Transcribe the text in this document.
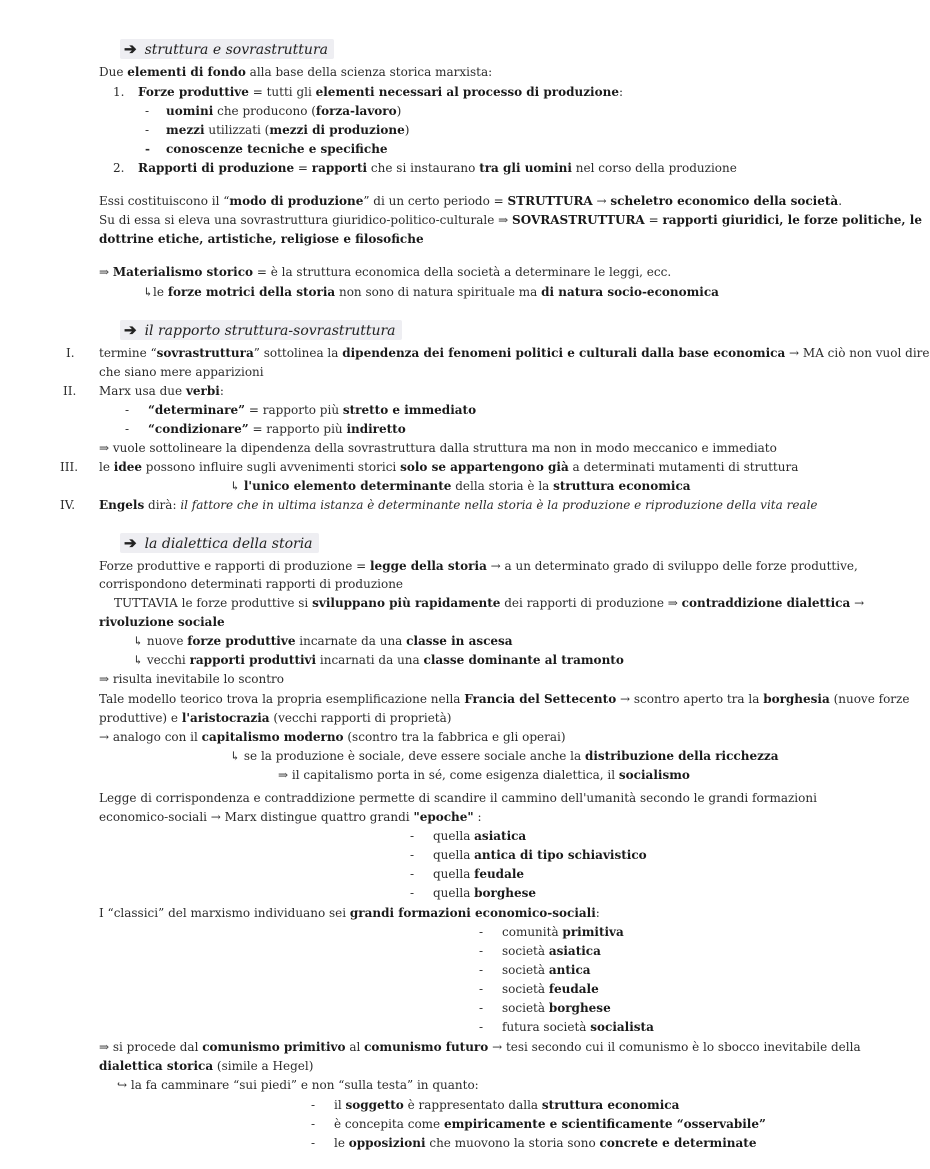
➔ struttura e sovrastruttura
Due elementi di fondo alla base della scienza storica marxista:
1. Forze produttive = tutti gli elementi necessari al processo di produzione:
- uomini che producono (forza-lavoro)
- mezzi utilizzati (mezzi di produzione)
- conoscenze tecniche e specifiche
2. Rapporti di produzione = rapporti che si instaurano tra gli uomini nel corso della produzione
Essi costituiscono il “modo di produzione” di un certo periodo = STRUTTURA → scheletro economico della società.
Su di essa si eleva una sovrastruttura giuridico-politico-culturale ⇒ SOVRASTRUTTURA = rapporti giuridici, le forze politiche, le
dottrine etiche, artistiche, religiose e filosofiche
⇒ Materialismo storico = è la struttura economica della società a determinare le leggi, ecc.
↳le forze motrici della storia non sono di natura spirituale ma di natura socio-economica
➔ il rapporto struttura-sovrastruttura
I. termine “sovrastruttura” sottolinea la dipendenza dei fenomeni politici e culturali dalla base economica → MA ciò non vuol dire
che siano mere apparizioni
II. Marx usa due verbi:
- “determinare” = rapporto più stretto e immediato
- “condizionare” = rapporto più indiretto
⇒ vuole sottolineare la dipendenza della sovrastruttura dalla struttura ma non in modo meccanico e immediato
III. le idee possono influire sugli avvenimenti storici solo se appartengono già a determinati mutamenti di struttura
↳ l'unico elemento determinante della storia è la struttura economica
IV. Engels dirà: il fattore che in ultima istanza è determinante nella storia è la produzione e riproduzione della vita reale
➔ la dialettica della storia
Forze produttive e rapporti di produzione = legge della storia → a un determinato grado di sviluppo delle forze produttive,
corrispondono determinati rapporti di produzione
TUTTAVIA le forze produttive si sviluppano più rapidamente dei rapporti di produzione ⇒ contraddizione dialettica →
rivoluzione sociale
↳ nuove forze produttive incarnate da una classe in ascesa
↳ vecchi rapporti produttivi incarnati da una classe dominante al tramonto
⇒ risulta inevitabile lo scontro
Tale modello teorico trova la propria esemplificazione nella Francia del Settecento → scontro aperto tra la borghesia (nuove forze
produttive) e l'aristocrazia (vecchi rapporti di proprietà)
→ analogo con il capitalismo moderno (scontro tra la fabbrica e gli operai)
↳ se la produzione è sociale, deve essere sociale anche la distribuzione della ricchezza
⇒ il capitalismo porta in sé, come esigenza dialettica, il socialismo
Legge di corrispondenza e contraddizione permette di scandire il cammino dell'umanità secondo le grandi formazioni
economico-sociali → Marx distingue quattro grandi "epoche" :
- quella asiatica
- quella antica di tipo schiavistico
- quella feudale
- quella borghese
I “classici” del marxismo individuano sei grandi formazioni economico-sociali:
- comunità primitiva
- società asiatica
- società antica
- società feudale
- società borghese
- futura società socialista
⇒ si procede dal comunismo primitivo al comunismo futuro → tesi secondo cui il comunismo è lo sbocco inevitabile della
dialettica storica (simile a Hegel)
↪ la fa camminare “sui piedi” e non “sulla testa” in quanto:
- il soggetto è rappresentato dalla struttura economica
- è concepita come empiricamente e scientificamente “osservabile”
- le opposizioni che muovono la storia sono concrete e determinate
